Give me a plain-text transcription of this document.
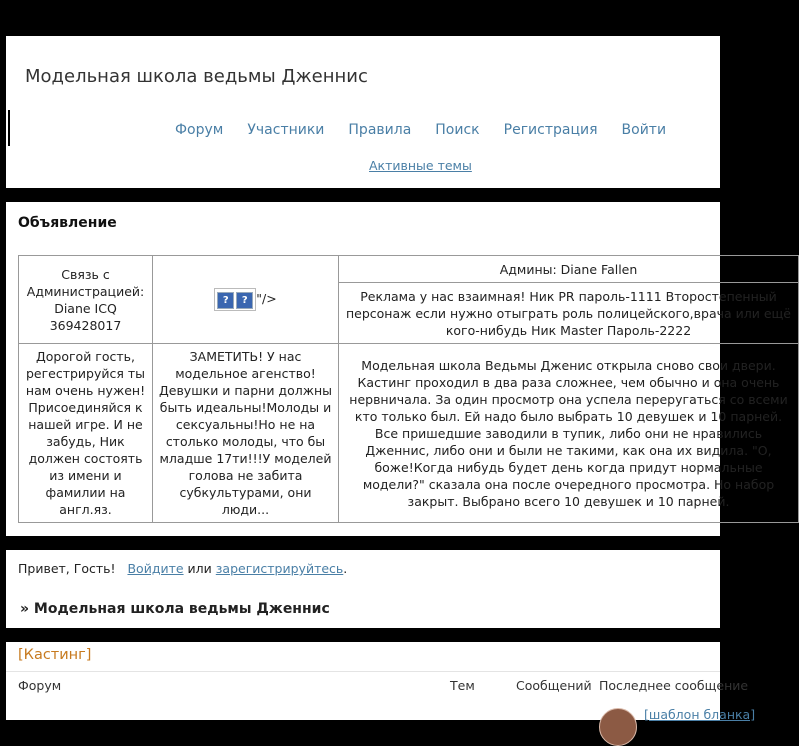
Модельная школа ведьмы Дженнис
Форум Участники Правила Поиск Регистрация Войти
Активные темы
Объявление
Связь с Администрацией: Diane ICQ 369428017	? ? "/>	Админы: Diane Fallen

		Реклама у нас взаимная! Ник PR пароль-1111 Второстепенный персонаж если нужно отыграть роль полицейского,врача или ещё кого-нибудь Ник Master Пароль-2222

Дорогой гость, регестрируйся ты нам очень нужен! Присоединяйся к нашей игре. И не забудь, Ник должен состоять из имени и фамилии на англ.яз.	ЗАМЕТИТЬ! У нас модельное агенство! Девушки и парни должны быть идеальны!Молоды и сексуальны!Но не на столько молоды, что бы младше 17ти!!!У моделей голова не забита субкультурами, они люди...	Модельная школа Ведьмы Дженис открыла сново свои двери. Кастинг проходил в два раза сложнее, чем обычно и она очень нервничала. За один просмотр она успела переругаться со всеми кто только был. Ей надо было выбрать 10 девушек и 10 парней. Все пришедшие заводили в тупик, либо они не нравились Дженнис, либо они и были не такими, как она их видила. "О, боже!Когда нибудь будет день когда придут нормальные модели?" сказала она после очередного просмотра. Но набор закрыт. Выбрано всего 10 девушек и 10 парней.
Привет, Гость! Войдите или зарегистрируйтесь.
» Модельная школа ведьмы Дженнис
[Кастинг]
Форум	Тем	Сообщений Последнее сообщение
[шаблон бланка]
